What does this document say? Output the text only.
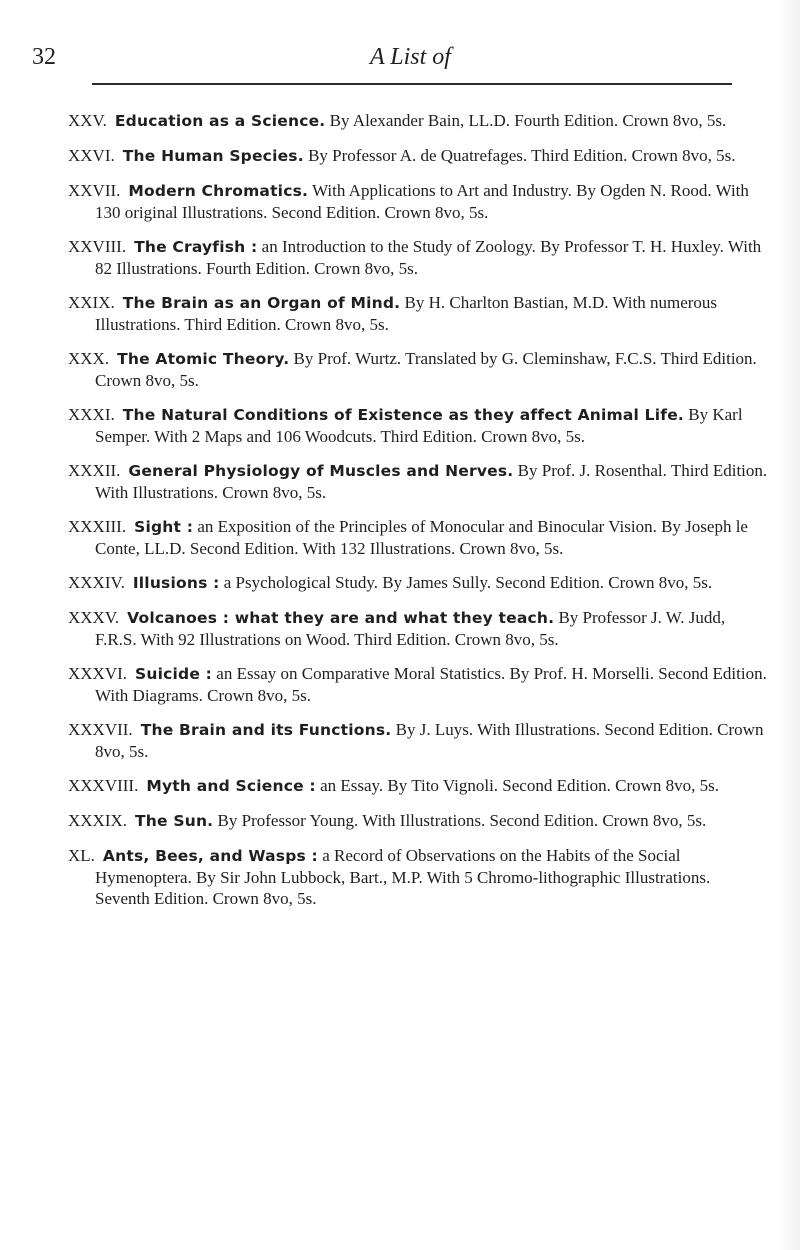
32	A List of
XXV. Education as a Science. By Alexander Bain, LL.D. Fourth Edition. Crown 8vo, 5s.
XXVI. The Human Species. By Professor A. de Quatrefages. Third Edition. Crown 8vo, 5s.
XXVII. Modern Chromatics. With Applications to Art and Industry. By Ogden N. Rood. With 130 original Illustrations. Second Edition. Crown 8vo, 5s.
XXVIII. The Crayfish : an Introduction to the Study of Zoology. By Professor T. H. Huxley. With 82 Illustrations. Fourth Edition. Crown 8vo, 5s.
XXIX. The Brain as an Organ of Mind. By H. Charlton Bastian, M.D. With numerous Illustrations. Third Edition. Crown 8vo, 5s.
XXX. The Atomic Theory. By Prof. Wurtz. Translated by G. Cleminshaw, F.C.S. Third Edition. Crown 8vo, 5s.
XXXI. The Natural Conditions of Existence as they affect Animal Life. By Karl Semper. With 2 Maps and 106 Woodcuts. Third Edition. Crown 8vo, 5s.
XXXII. General Physiology of Muscles and Nerves. By Prof. J. Rosenthal. Third Edition. With Illustrations. Crown 8vo, 5s.
XXXIII. Sight : an Exposition of the Principles of Monocular and Binocular Vision. By Joseph le Conte, LL.D. Second Edition. With 132 Illustrations. Crown 8vo, 5s.
XXXIV. Illusions : a Psychological Study. By James Sully. Second Edition. Crown 8vo, 5s.
XXXV. Volcanoes : what they are and what they teach. By Professor J. W. Judd, F.R.S. With 92 Illustrations on Wood. Third Edition. Crown 8vo, 5s.
XXXVI. Suicide : an Essay on Comparative Moral Statistics. By Prof. H. Morselli. Second Edition. With Diagrams. Crown 8vo, 5s.
XXXVII. The Brain and its Functions. By J. Luys. With Illustrations. Second Edition. Crown 8vo, 5s.
XXXVIII. Myth and Science : an Essay. By Tito Vignoli. Second Edition. Crown 8vo, 5s.
XXXIX. The Sun. By Professor Young. With Illustrations. Second Edition. Crown 8vo, 5s.
XL. Ants, Bees, and Wasps : a Record of Observations on the Habits of the Social Hymenoptera. By Sir John Lubbock, Bart., M.P. With 5 Chromo-lithographic Illustrations. Seventh Edition. Crown 8vo, 5s.
